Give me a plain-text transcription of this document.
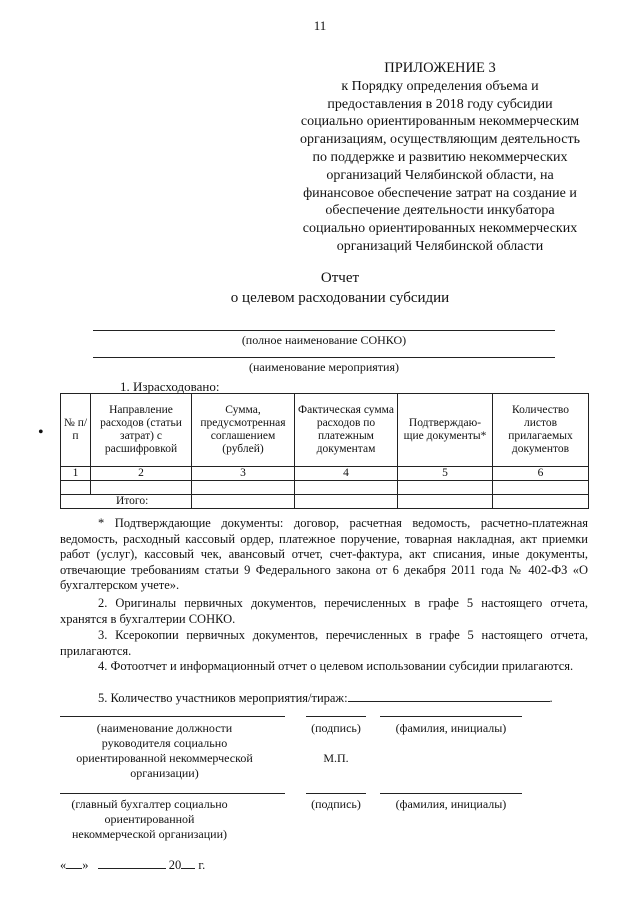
11
ПРИЛОЖЕНИЕ 3
к Порядку определения объема и
предоставления в 2018 году субсидии
социально ориентированным некоммерческим
организациям, осуществляющим деятельность
по поддержке и развитию некоммерческих
организаций Челябинской области, на
финансовое обеспечение затрат на создание и
обеспечение деятельности инкубатора
социально ориентированных некоммерческих
организаций Челябинской области
Отчет
о целевом расходовании субсидии
(полное наименование СОНКО)
(наименование мероприятия)
1. Израсходовано:
•
№ п/п	Направление расходов (статьи затрат) с расшифровкой	Сумма, предусмотренная соглашением (рублей)	Фактическая сумма расходов по платежным документам	Подтверждаю-щие документы*	Количество листов прилагаемых документов
1	2	3	4	5	6

Итого:					

* Подтверждающие документы: договор, расчетная ведомость, расчетно-платежная ведомость, расходный кассовый ордер, платежное поручение, товарная накладная, акт приемки работ (услуг), кассовый чек, авансовый отчет, счет-фактура, акт списания, иные документы, отвечающие требованиям статьи 9 Федерального закона от 6 декабря 2011 года № 402-ФЗ «О бухгалтерском учете».

2. Оригиналы первичных документов, перечисленных в графе 5 настоящего отчета, хранятся в бухгалтерии СОНКО.

3. Ксерокопии первичных документов, перечисленных в графе 5 настоящего отчета, прилагаются.

4. Фотоотчет и информационный отчет о целевом использовании субсидии прилагаются.

5. Количество участников мероприятия/тираж:	.
(наименование должности руководителя социально ориентированной некоммерческой организации)
(подпись)	(фамилия, инициалы)
М.П.
(главный бухгалтер социально ориентированной некоммерческой организации)
(подпись)	(фамилия, инициалы)
« »	20 г.
